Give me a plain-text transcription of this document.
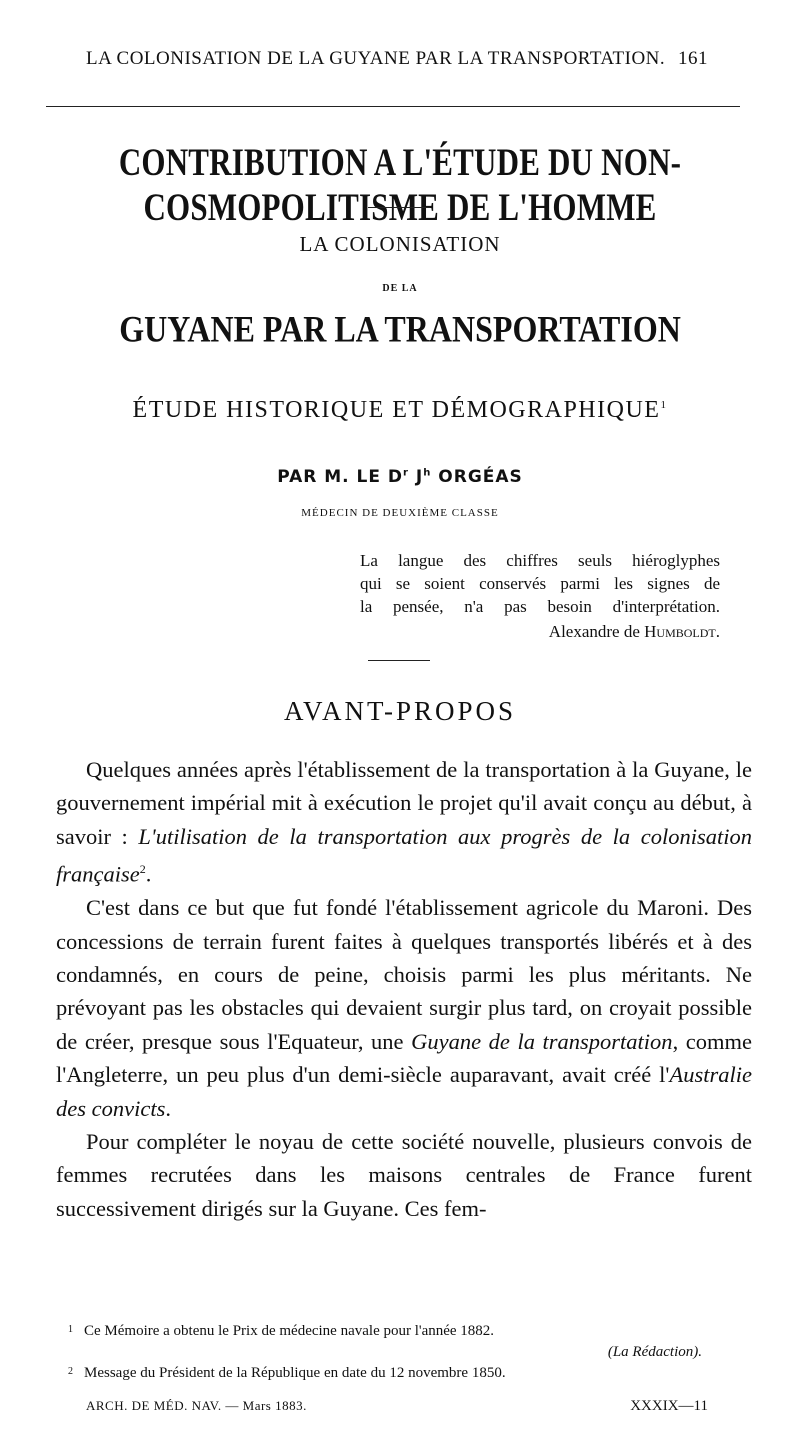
LA COLONISATION DE LA GUYANE PAR LA TRANSPORTATION. 161
CONTRIBUTION A L'ÉTUDE DU NON-COSMOPOLITISME DE L'HOMME
LA COLONISATION
DE LA
GUYANE PAR LA TRANSPORTATION
ÉTUDE HISTORIQUE ET DÉMOGRAPHIQUE$^1$
PAR M. LE $D^r$ $J^h$ ORGÉAS
MÉDECIN DE DEUXIÈME CLASSE
La langue des chiffres seuls hiéroglyphes
qui se soient conservés parmi les signes de
la pensée, n'a pas besoin d'interprétation.
Alexandre de Humboldt.
AVANT-PROPOS

Quelques années après l'établissement de la transportation à la Guyane, le gouvernement impérial mit à exécution le projet qu'il avait conçu au début, à savoir : L'utilisation de la transportation aux progrès de la colonisation française$^2$.

C'est dans ce but que fut fondé l'établissement agricole du Maroni. Des concessions de terrain furent faites à quelques transportés libérés et à des condamnés, en cours de peine, choisis parmi les plus méritants. Ne prévoyant pas les obstacles qui devaient surgir plus tard, on croyait possible de créer, presque sous l'Equateur, une Guyane de la transportation, comme l'Angleterre, un peu plus d'un demi-siècle auparavant, avait créé l'Australie des convicts.

Pour compléter le noyau de cette société nouvelle, plusieurs convois de femmes recrutées dans les maisons centrales de France furent successivement dirigés sur la Guyane. Ces fem-

1 Ce Mémoire a obtenu le Prix de médecine navale pour l'année 1882.
(La Rédaction).
2 Message du Président de la République en date du 12 novembre 1850.
ARCH. DE MÉD. NAV. — Mars 1883.	XXXIX—11
